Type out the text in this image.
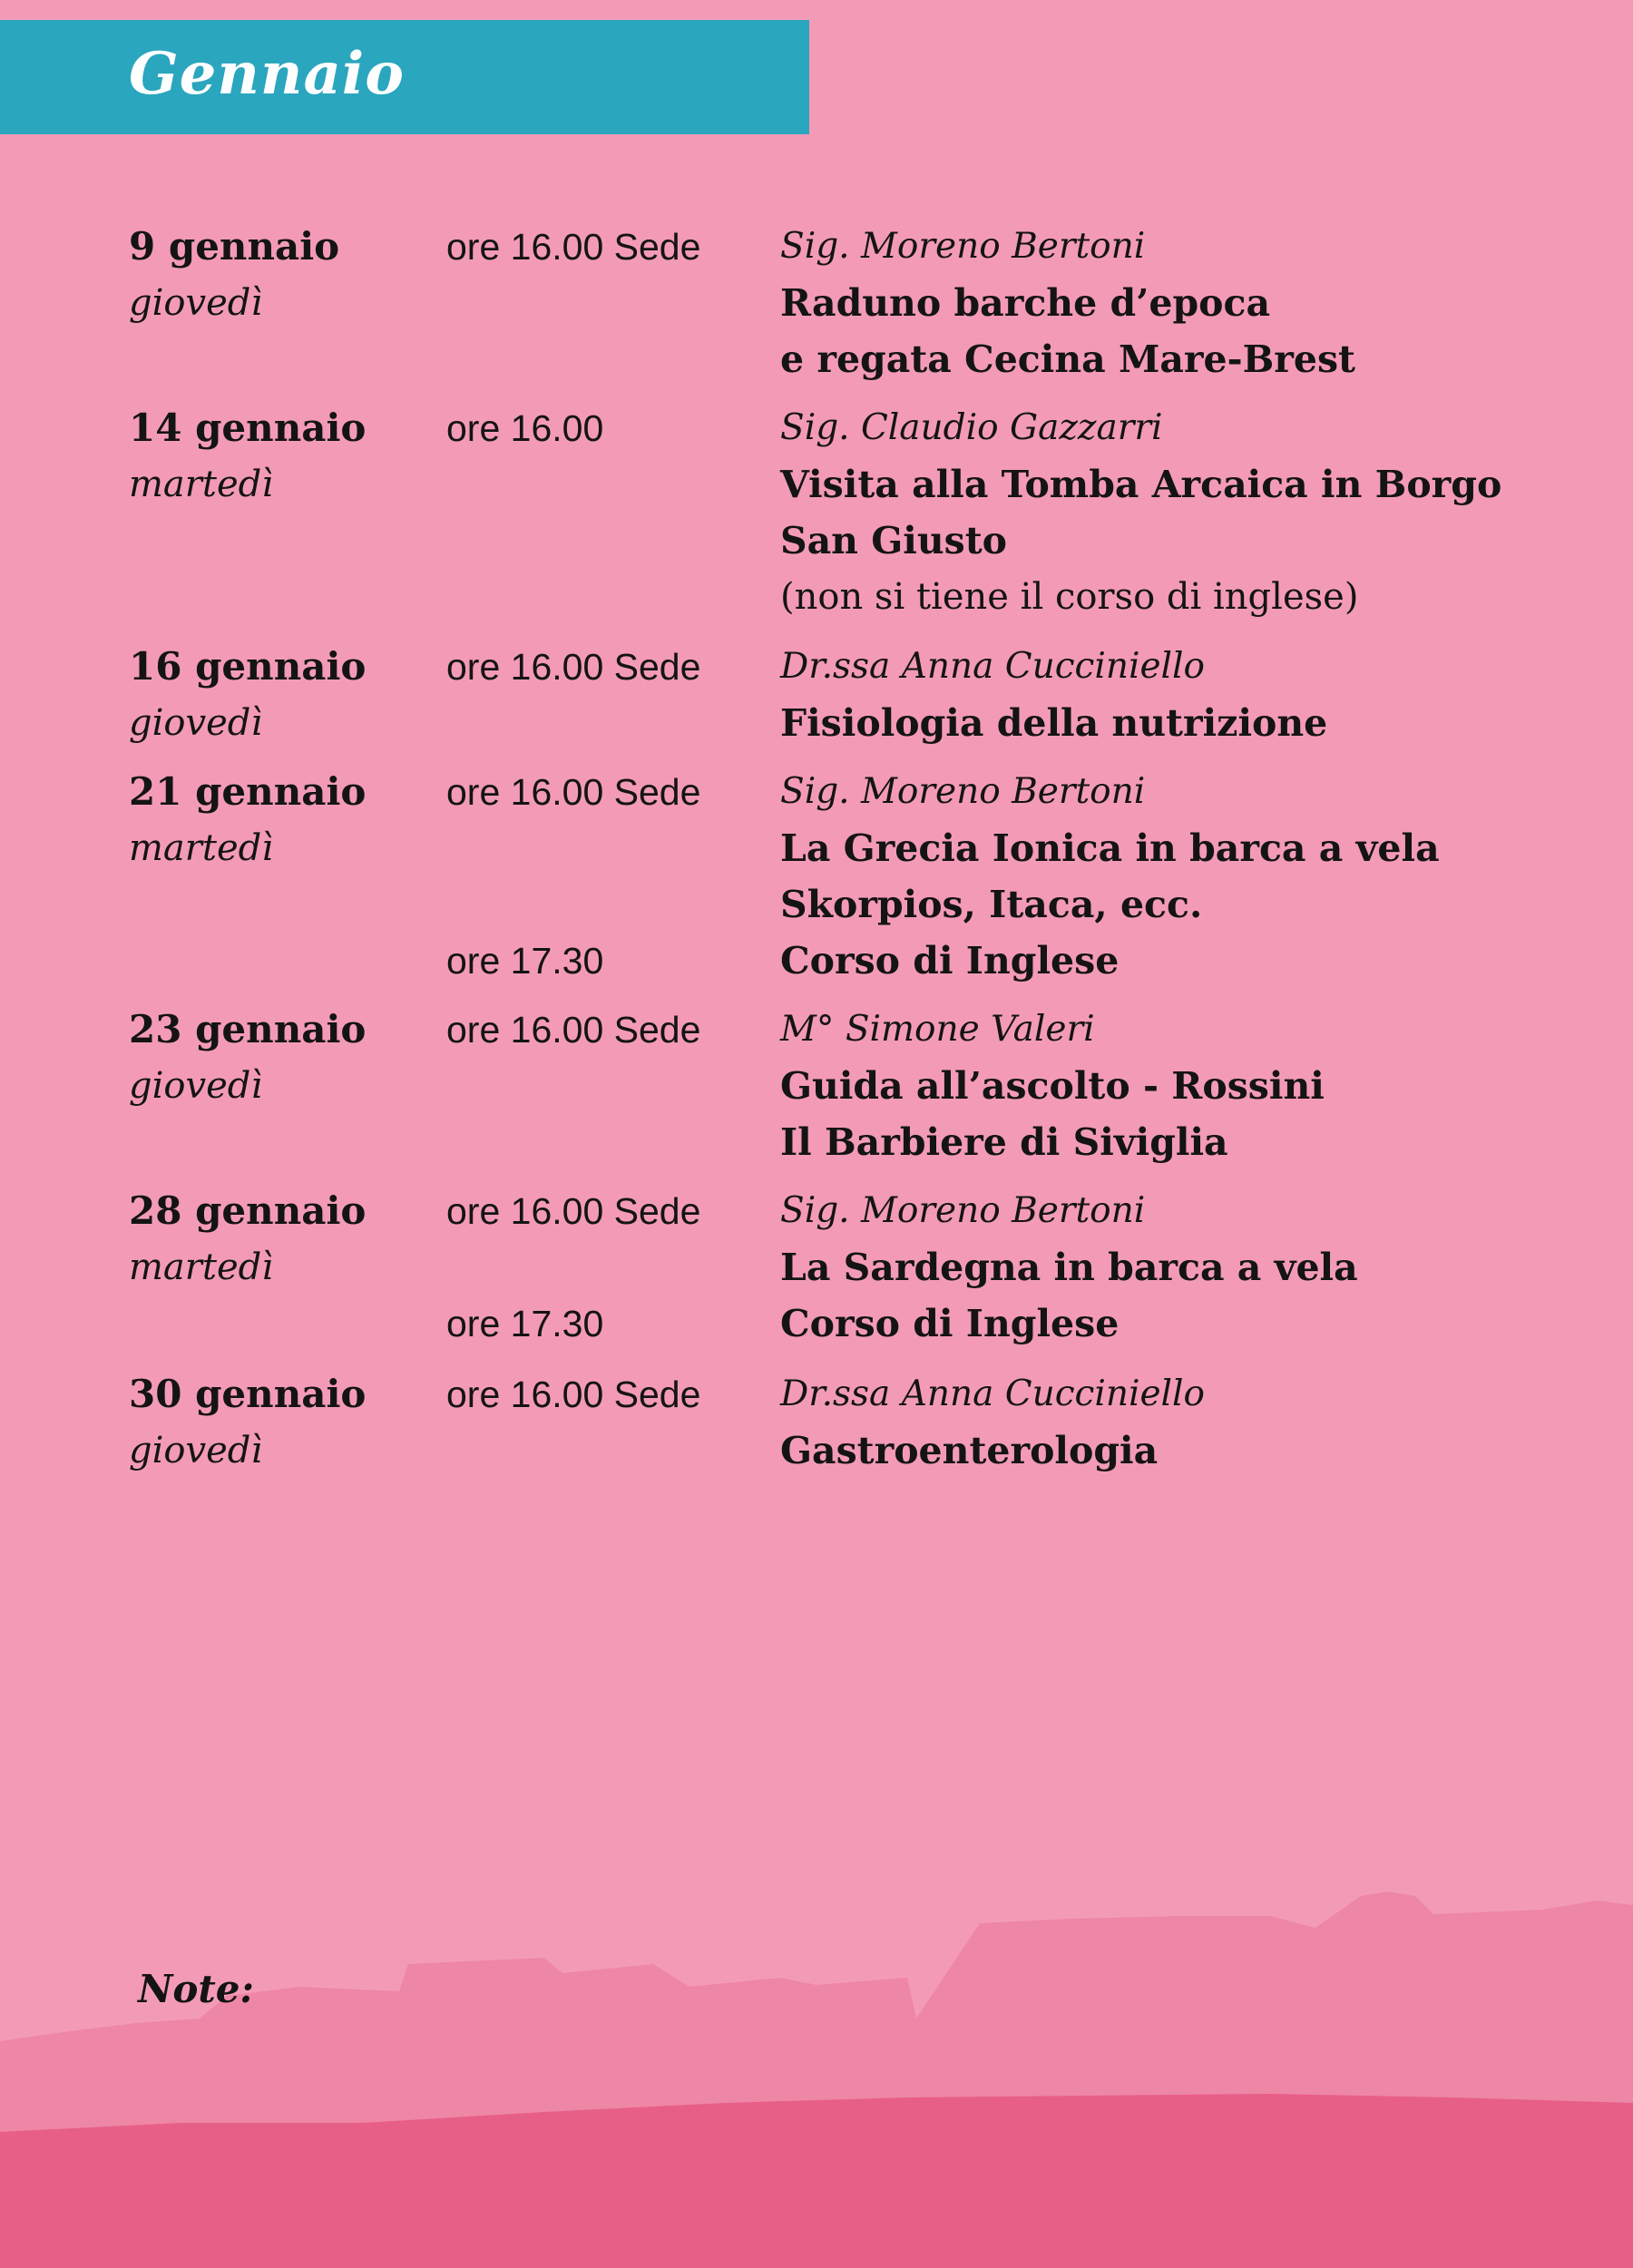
Gennaio
9 gennaio
giovedì
ore 16.00 Sede Sig. Moreno Bertoni
Raduno barche d’epoca
e regata Cecina Mare-Brest
14 gennaio
martedì
ore 16.00	Sig. Claudio Gazzarri
Visita alla Tomba Arcaica in Borgo
San Giusto
(non si tiene il corso di inglese)
16 gennaio
giovedì
ore 16.00 Sede Dr.ssa Anna Cucciniello
Fisiologia della nutrizione
21 gennaio
martedì
ore 16.00 Sede Sig. Moreno Bertoni
La Grecia Ionica in barca a vela
Skorpios, Itaca, ecc.
ore 17.30	Corso di Inglese
23 gennaio
giovedì
ore 16.00 Sede M° Simone Valeri
Guida all’ascolto - Rossini
Il Barbiere di Siviglia
28 gennaio
martedì
ore 16.00 Sede Sig. Moreno Bertoni
La Sardegna in barca a vela
ore 17.30	Corso di Inglese
30 gennaio
giovedì
ore 16.00 Sede Dr.ssa Anna Cucciniello
Gastroenterologia
Note:
